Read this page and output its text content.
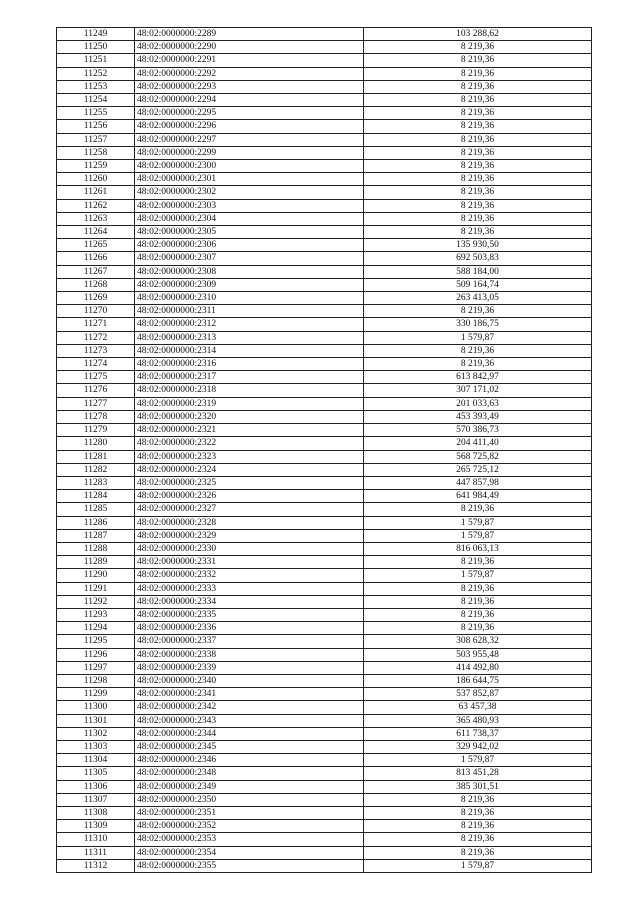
11249	48:02:0000000:2289	103 288,62
11250	48:02:0000000:2290	8 219,36
11251	48:02:0000000:2291	8 219,36
11252	48:02:0000000:2292	8 219,36
11253	48:02:0000000:2293	8 219,36
11254	48:02:0000000:2294	8 219,36
11255	48:02:0000000:2295	8 219,36
11256	48:02:0000000:2296	8 219,36
11257	48:02:0000000:2297	8 219,36
11258	48:02:0000000:2299	8 219,36
11259	48:02:0000000:2300	8 219,36
11260	48:02:0000000:2301	8 219,36
11261	48:02:0000000:2302	8 219,36
11262	48:02:0000000:2303	8 219,36
11263	48:02:0000000:2304	8 219,36
11264	48:02:0000000:2305	8 219,36
11265	48:02:0000000:2306	135 930,50
11266	48:02:0000000:2307	692 503,83
11267	48:02:0000000:2308	588 184,00
11268	48:02:0000000:2309	509 164,74
11269	48:02:0000000:2310	263 413,05
11270	48:02:0000000:2311	8 219,36
11271	48:02:0000000:2312	330 186,75
11272	48:02:0000000:2313	1 579,87
11273	48:02:0000000:2314	8 219,36
11274	48:02:0000000:2316	8 219,36
11275	48:02:0000000:2317	613 842,97
11276	48:02:0000000:2318	307 171,02
11277	48:02:0000000:2319	201 033,63
11278	48:02:0000000:2320	453 393,49
11279	48:02:0000000:2321	570 386,73
11280	48:02:0000000:2322	204 411,40
11281	48:02:0000000:2323	568 725,82
11282	48:02:0000000:2324	265 725,12
11283	48:02:0000000:2325	447 857,98
11284	48:02:0000000:2326	641 984,49
11285	48:02:0000000:2327	8 219,36
11286	48:02:0000000:2328	1 579,87
11287	48:02:0000000:2329	1 579,87
11288	48:02:0000000:2330	816 063,13
11289	48:02:0000000:2331	8 219,36
11290	48:02:0000000:2332	1 579,87
11291	48:02:0000000:2333	8 219,36
11292	48:02:0000000:2334	8 219,36
11293	48:02:0000000:2335	8 219,36
11294	48:02:0000000:2336	8 219,36
11295	48:02:0000000:2337	308 628,32
11296	48:02:0000000:2338	503 955,48
11297	48:02:0000000:2339	414 492,80
11298	48:02:0000000:2340	186 644,75
11299	48:02:0000000:2341	537 852,87
11300	48:02:0000000:2342	63 457,38
11301	48:02:0000000:2343	365 480,93
11302	48:02:0000000:2344	611 738,37
11303	48:02:0000000:2345	329 942,02
11304	48:02:0000000:2346	1 579,87
11305	48:02:0000000:2348	813 451,28
11306	48:02:0000000:2349	385 301,51
11307	48:02:0000000:2350	8 219,36
11308	48:02:0000000:2351	8 219,36
11309	48:02:0000000:2352	8 219,36
11310	48:02:0000000:2353	8 219,36
11311	48:02:0000000:2354	8 219,36
11312	48:02:0000000:2355	1 579,87
